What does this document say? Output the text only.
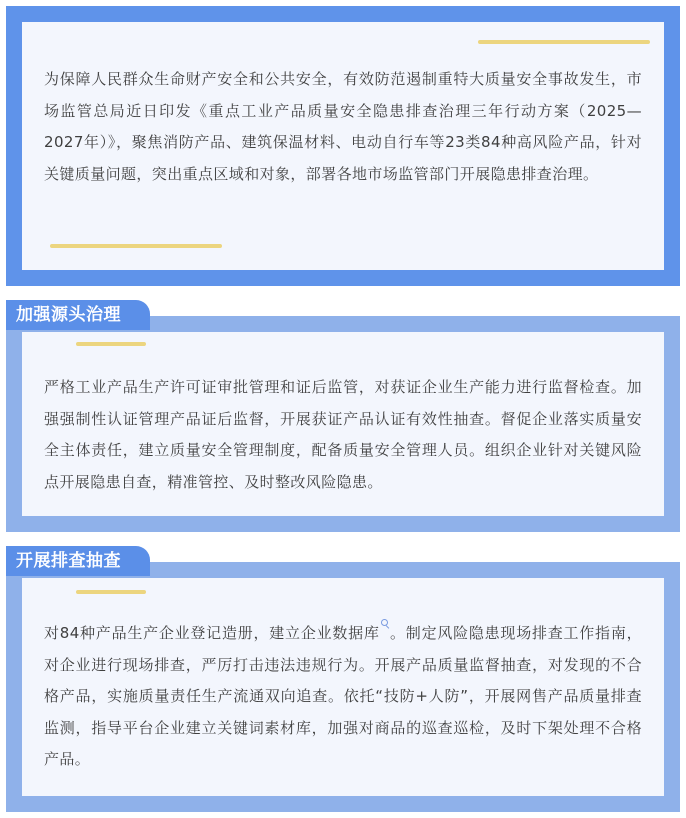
为保障人民群众生命财产安全和公共安全，有效防范遏制重特大质量安全事故发生，市场监管总局近日印发《重点工业产品质量安全隐患排查治理三年行动方案（2025—2027年）》，聚焦消防产品、建筑保温材料、电动自行车等23类84种高风险产品，针对关键质量问题，突出重点区域和对象，部署各地市场监管部门开展隐患排查治理。
严格工业产品生产许可证审批管理和证后监管，对获证企业生产能力进行监督检查。加强强制性认证管理产品证后监督，开展获证产品认证有效性抽查。督促企业落实质量安全主体责任，建立质量安全管理制度，配备质量安全管理人员。组织企业针对关键风险点开展隐患自查，精准管控、及时整改风险隐患。
加强源头治理
对84种产品生产企业登记造册，建立企业数据库 。制定风险隐患现场排查工作指南，对企业进行现场排查，严厉打击违法违规行为。开展产品质量监督抽查，对发现的不合格产品，实施质量责任生产流通双向追查。依托“技防+人防”，开展网售产品质量排查监测，指导平台企业建立关键词素材库，加强对商品的巡查巡检，及时下架处理不合格产品。
开展排查抽查
